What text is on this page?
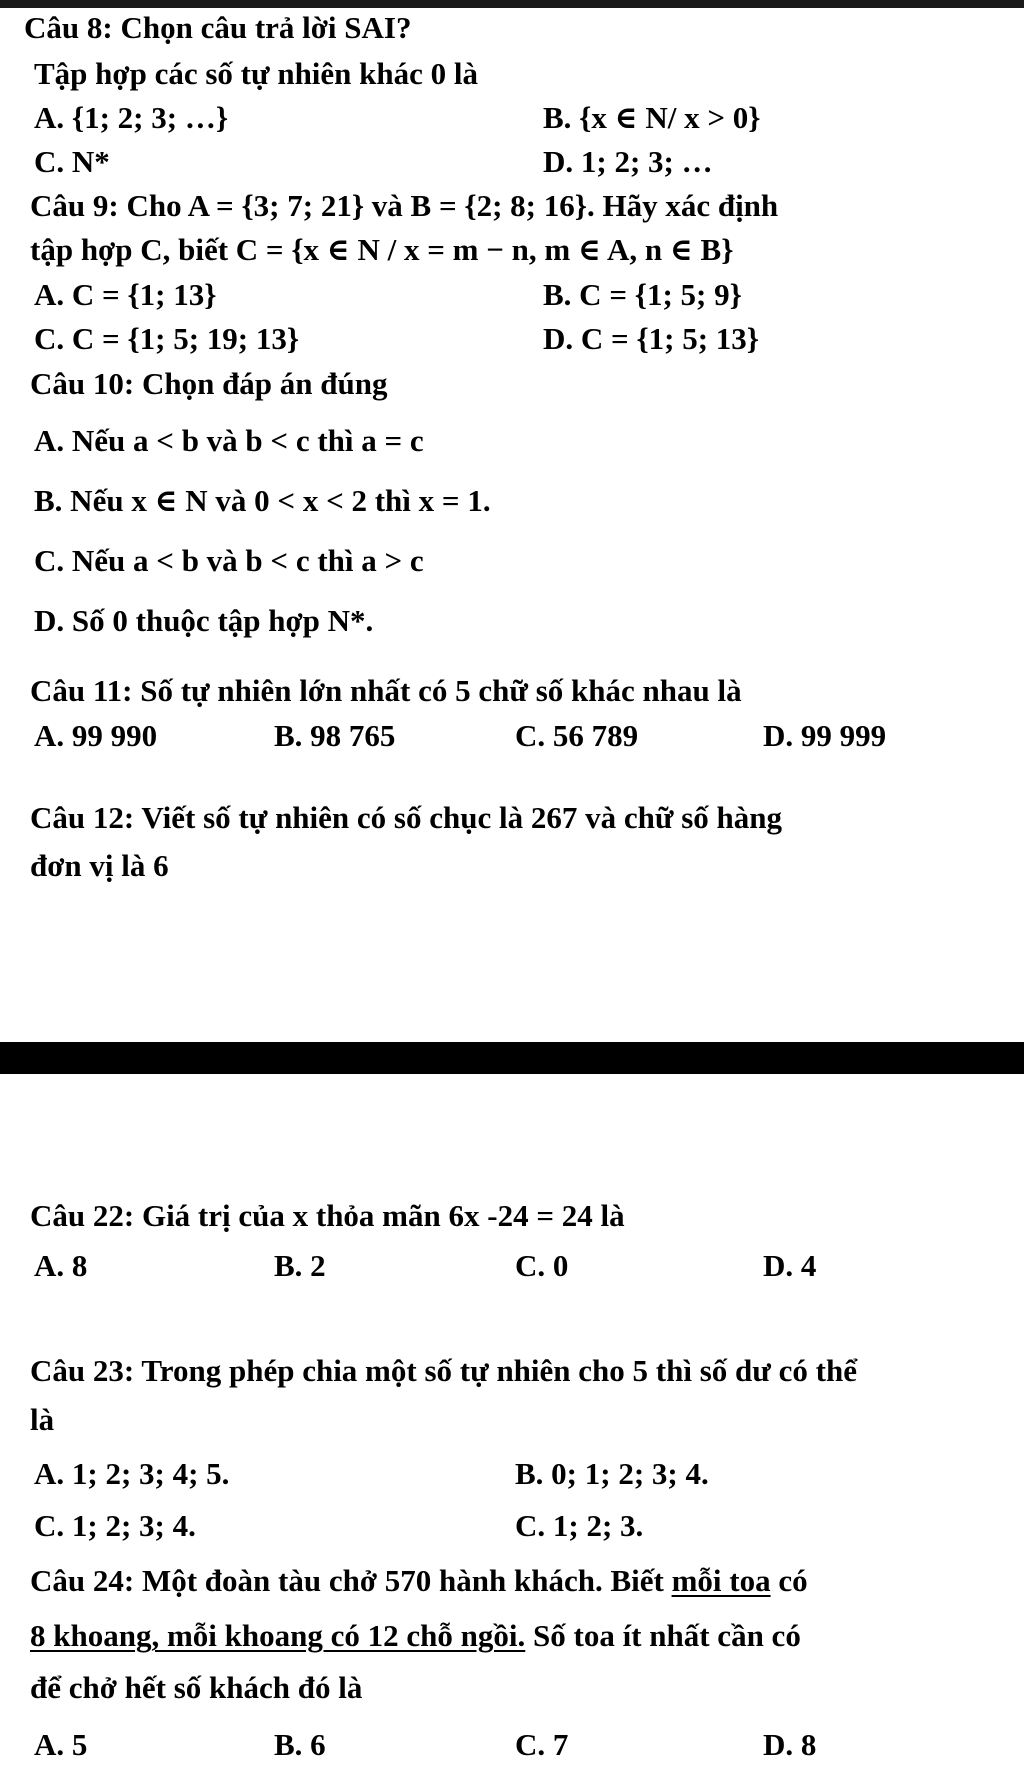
Câu 8: Chọn câu trả lời SAI?
Tập hợp các số tự nhiên khác 0 là
A. {1; 2; 3; …}	B. {x ∈ N/ x > 0}
C. N*	D. 1; 2; 3; …
Câu 9: Cho A = {3; 7; 21} và B = {2; 8; 16}. Hãy xác định
tập hợp C, biết C = {x ∈ N / x = m − n, m ∈ A, n ∈ B}
A. C = {1; 13}	B. C = {1; 5; 9}
C. C = {1; 5; 19; 13}	D. C = {1; 5; 13}
Câu 10: Chọn đáp án đúng
A. Nếu a < b và b < c thì a = c
B. Nếu x ∈ N và 0 < x < 2 thì x = 1.
C. Nếu a < b và b < c thì a > c
D. Số 0 thuộc tập hợp N*.
Câu 11: Số tự nhiên lớn nhất có 5 chữ số khác nhau là
A. 99 990	B. 98 765	C. 56 789	D. 99 999
Câu 12: Viết số tự nhiên có số chục là 267 và chữ số hàng
đơn vị là 6
Câu 22: Giá trị của x thỏa mãn 6x -24 = 24 là
A. 8	B. 2	C. 0	D. 4
Câu 23: Trong phép chia một số tự nhiên cho 5 thì số dư có thể
là
A. 1; 2; 3; 4; 5.	B. 0; 1; 2; 3; 4.
C. 1; 2; 3; 4.	C. 1; 2; 3.
Câu 24: Một đoàn tàu chở 570 hành khách. Biết mỗi toa có
8 khoang, mỗi khoang có 12 chỗ ngồi. Số toa ít nhất cần có
để chở hết số khách đó là
A. 5	B. 6	C. 7	D. 8
